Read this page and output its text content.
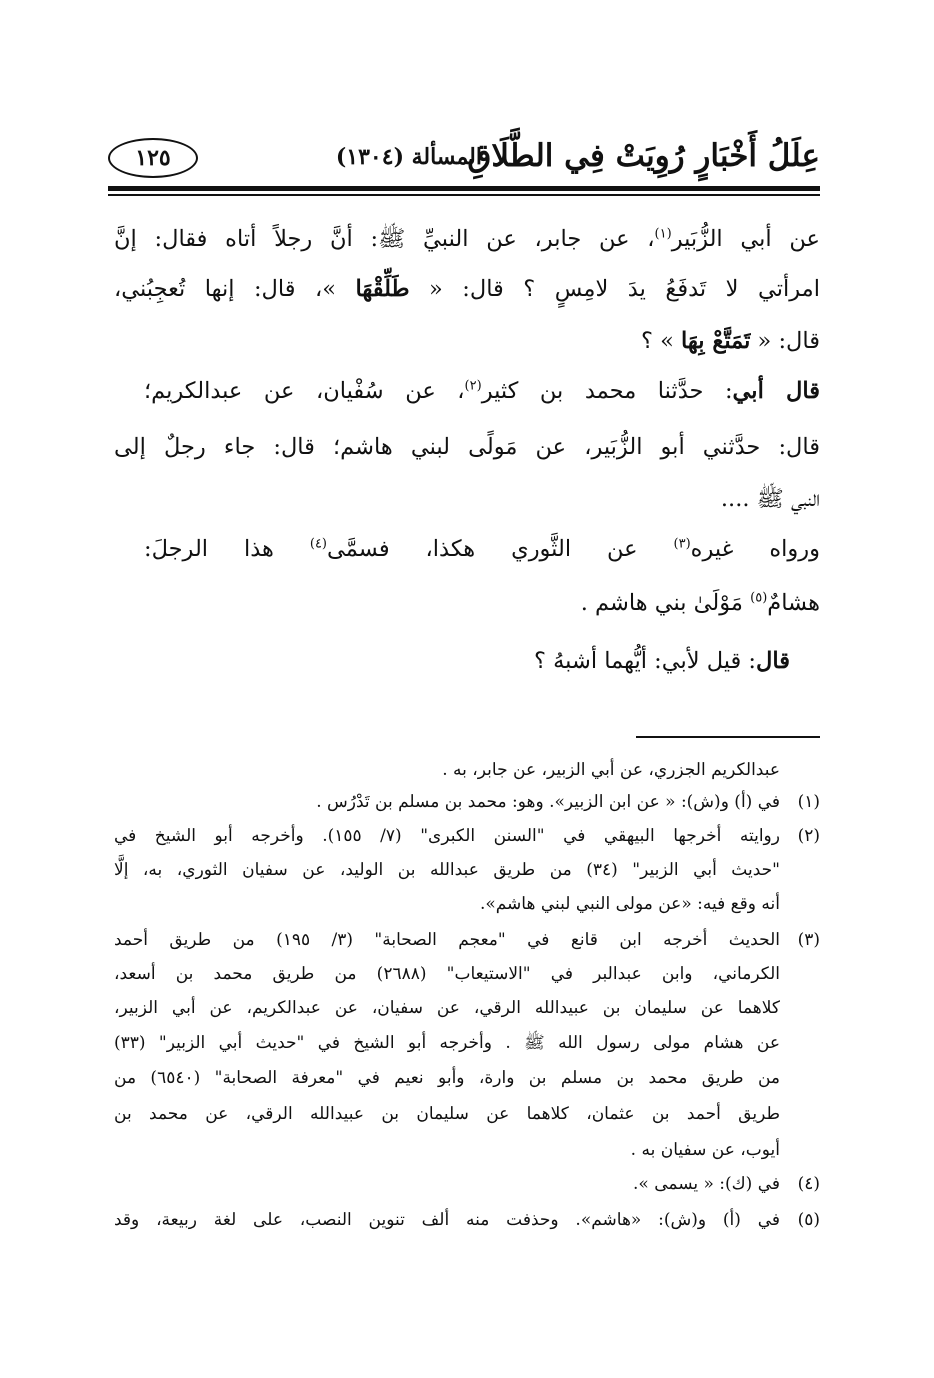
عِلَلُ أَخْبَارٍ رُوِيَتْ فِي الطَّلَاقِ
المسألة (١٣٠٤)
١٢٥
عن أبي الزُّبَير$^{(١)}$، عن جابر، عن النبيِّ ﷺ: أنَّ رجلاً أتاه فقال: إنَّ
امرأتي لا تَدفَعُ يدَ لامِسٍ ؟ قال: « طَلِّقْهَا »، قال: إنها تُعجِبُني،
قال: « تَمَتَّعْ بِهَا » ؟
قال أبي: حدَّثنا محمد بن كثير$^{(٢)}$، عن سُفْيان، عن عبدالكريم؛
قال: حدَّثني أبو الزُّبَير، عن مَولًى لبني هاشم؛ قال: جاء رجلٌ إلى
النبي ﷺ ....
ورواه غيره$^{(٣)}$ عن الثَّوري هكذا، فسمَّى$^{(٤)}$ هذا الرجلَ:
هشامٌ$^{(٥)}$ مَوْلَىٰ بني هاشم .
قال: قيل لأبي: أيُّهما أشبهُ ؟
عبدالكريم الجزري، عن أبي الزبير، عن جابر، به .
(١)في (أ) و(ش): « عن ابن الزبير». وهو: محمد بن مسلم بن تَدْرُس .
(٢)روايته أخرجها البيهقي في "السنن الكبرى" (٧/ ١٥٥). وأخرجه أبو الشيخ في
"حديث أبي الزبير" (٣٤) من طريق عبدالله بن الوليد، عن سفيان الثوري، به، إلَّا
أنه وقع فيه: «عن مولى النبي لبني هاشم».
(٣)الحديث أخرجه ابن قانع في "معجم الصحابة" (٣/ ١٩٥) من طريق أحمد
الكرماني، وابن عبدالبر في "الاستيعاب" (٢٦٨٨) من طريق محمد بن أسعد،
كلاهما عن سليمان بن عبيدالله الرقي، عن سفيان، عن عبدالكريم، عن أبي الزبير،
عن هشام مولى رسول الله ﷺ . وأخرجه أبو الشيخ في "حديث أبي الزبير" (٣٣)
من طريق محمد بن مسلم بن وارة، وأبو نعيم في "معرفة الصحابة" (٦٥٤٠) من
طريق أحمد بن عثمان، كلاهما عن سليمان بن عبيدالله الرقي، عن محمد بن
أيوب، عن سفيان به .
(٤)في (ك): « يسمى ».
(٥)في (أ) و(ش): «هاشم». وحذفت منه ألف تنوين النصب، على لغة ربيعة، وقد
